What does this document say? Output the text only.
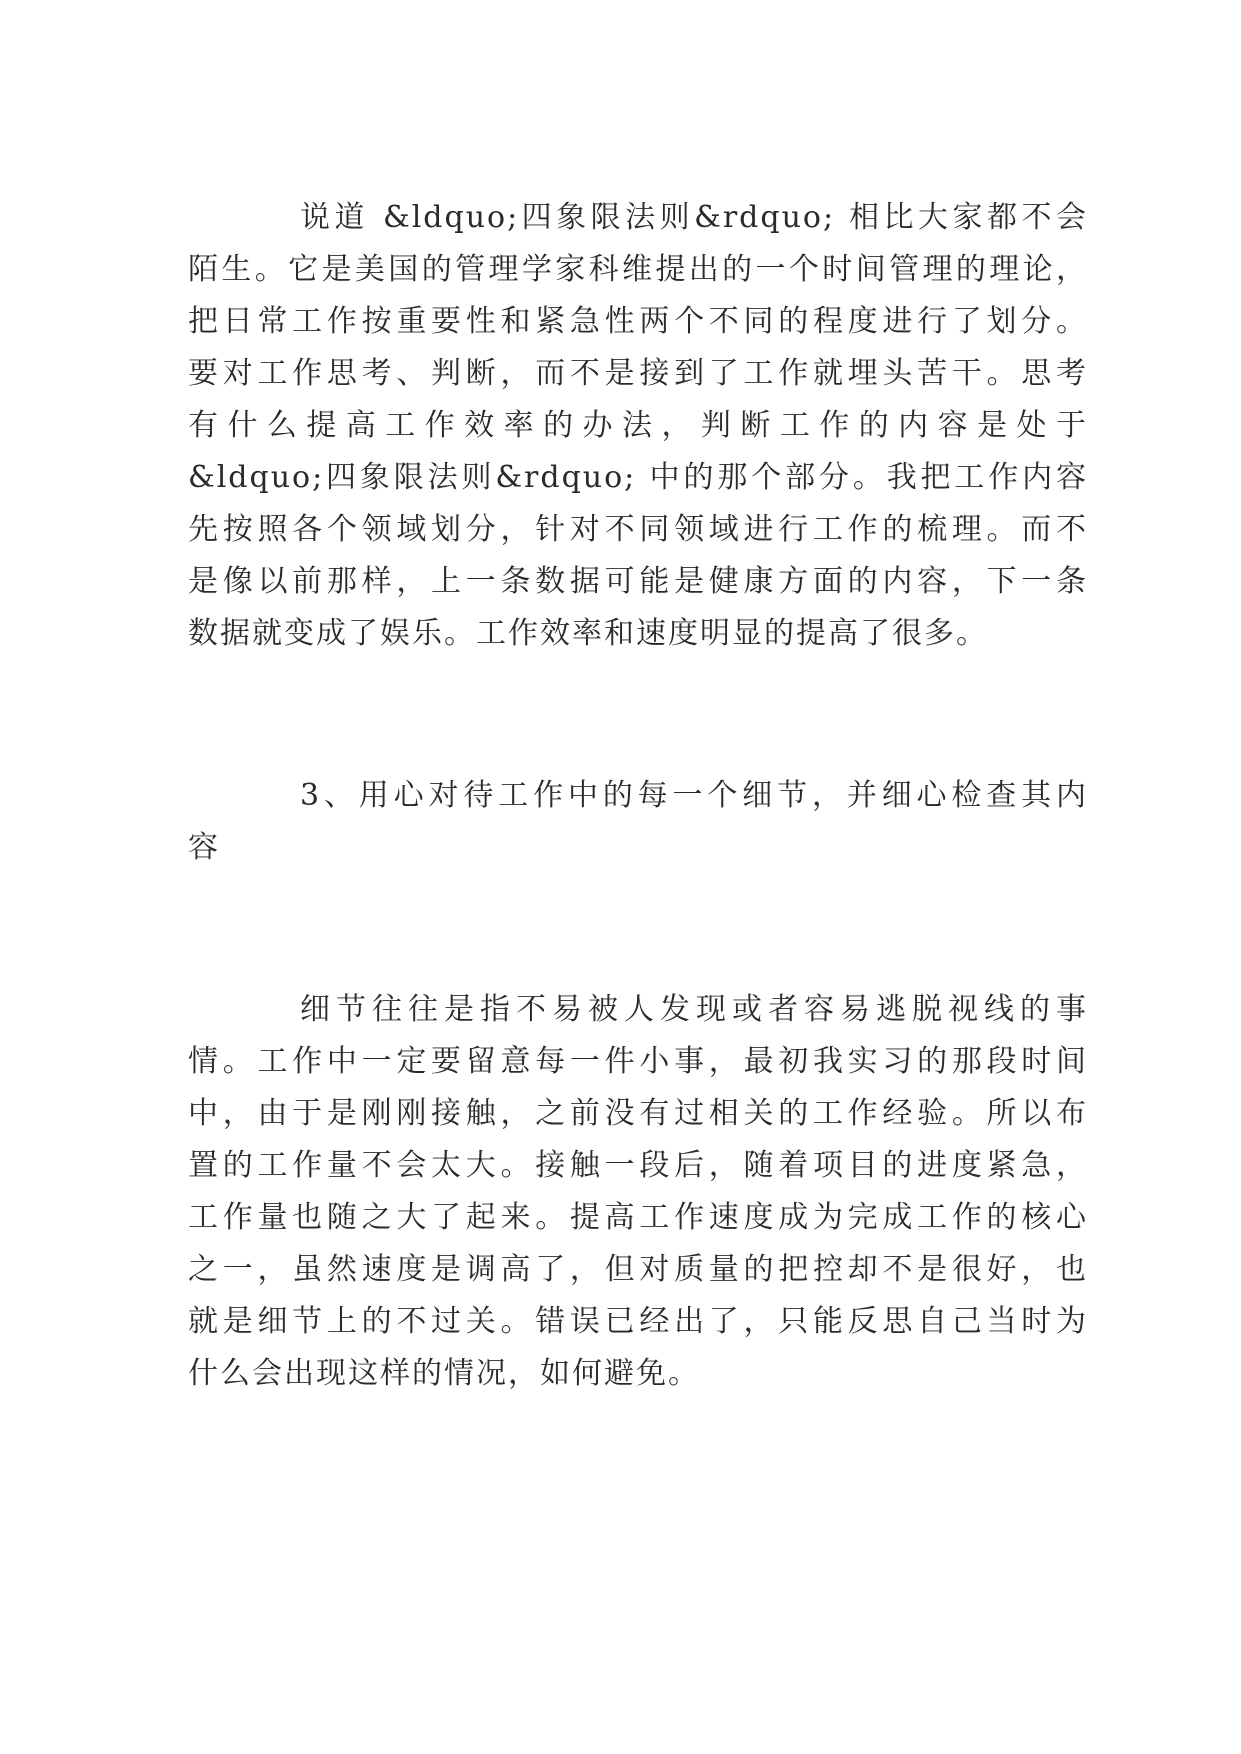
说道 &ldquo;四象限法则&rdquo; 相比大家都不会

陌生。它是美国的管理学家科维提出的一个时间管理的理论，

把日常工作按重要性和紧急性两个不同的程度进行了划分。

要对工作思考、判断，而不是接到了工作就埋头苦干。思考

有什么提高工作效率的办法，判断工作的内容是处于

&ldquo;四象限法则&rdquo; 中的那个部分。我把工作内容

先按照各个领域划分，针对不同领域进行工作的梳理。而不

是像以前那样，上一条数据可能是健康方面的内容，下一条

数据就变成了娱乐。工作效率和速度明显的提高了很多。

3、用心对待工作中的每一个细节，并细心检查其内

容

细节往往是指不易被人发现或者容易逃脱视线的事

情。工作中一定要留意每一件小事，最初我实习的那段时间

中，由于是刚刚接触，之前没有过相关的工作经验。所以布

置的工作量不会太大。接触一段后，随着项目的进度紧急，

工作量也随之大了起来。提高工作速度成为完成工作的核心

之一，虽然速度是调高了，但对质量的把控却不是很好，也

就是细节上的不过关。错误已经出了，只能反思自己当时为

什么会出现这样的情况，如何避免。
